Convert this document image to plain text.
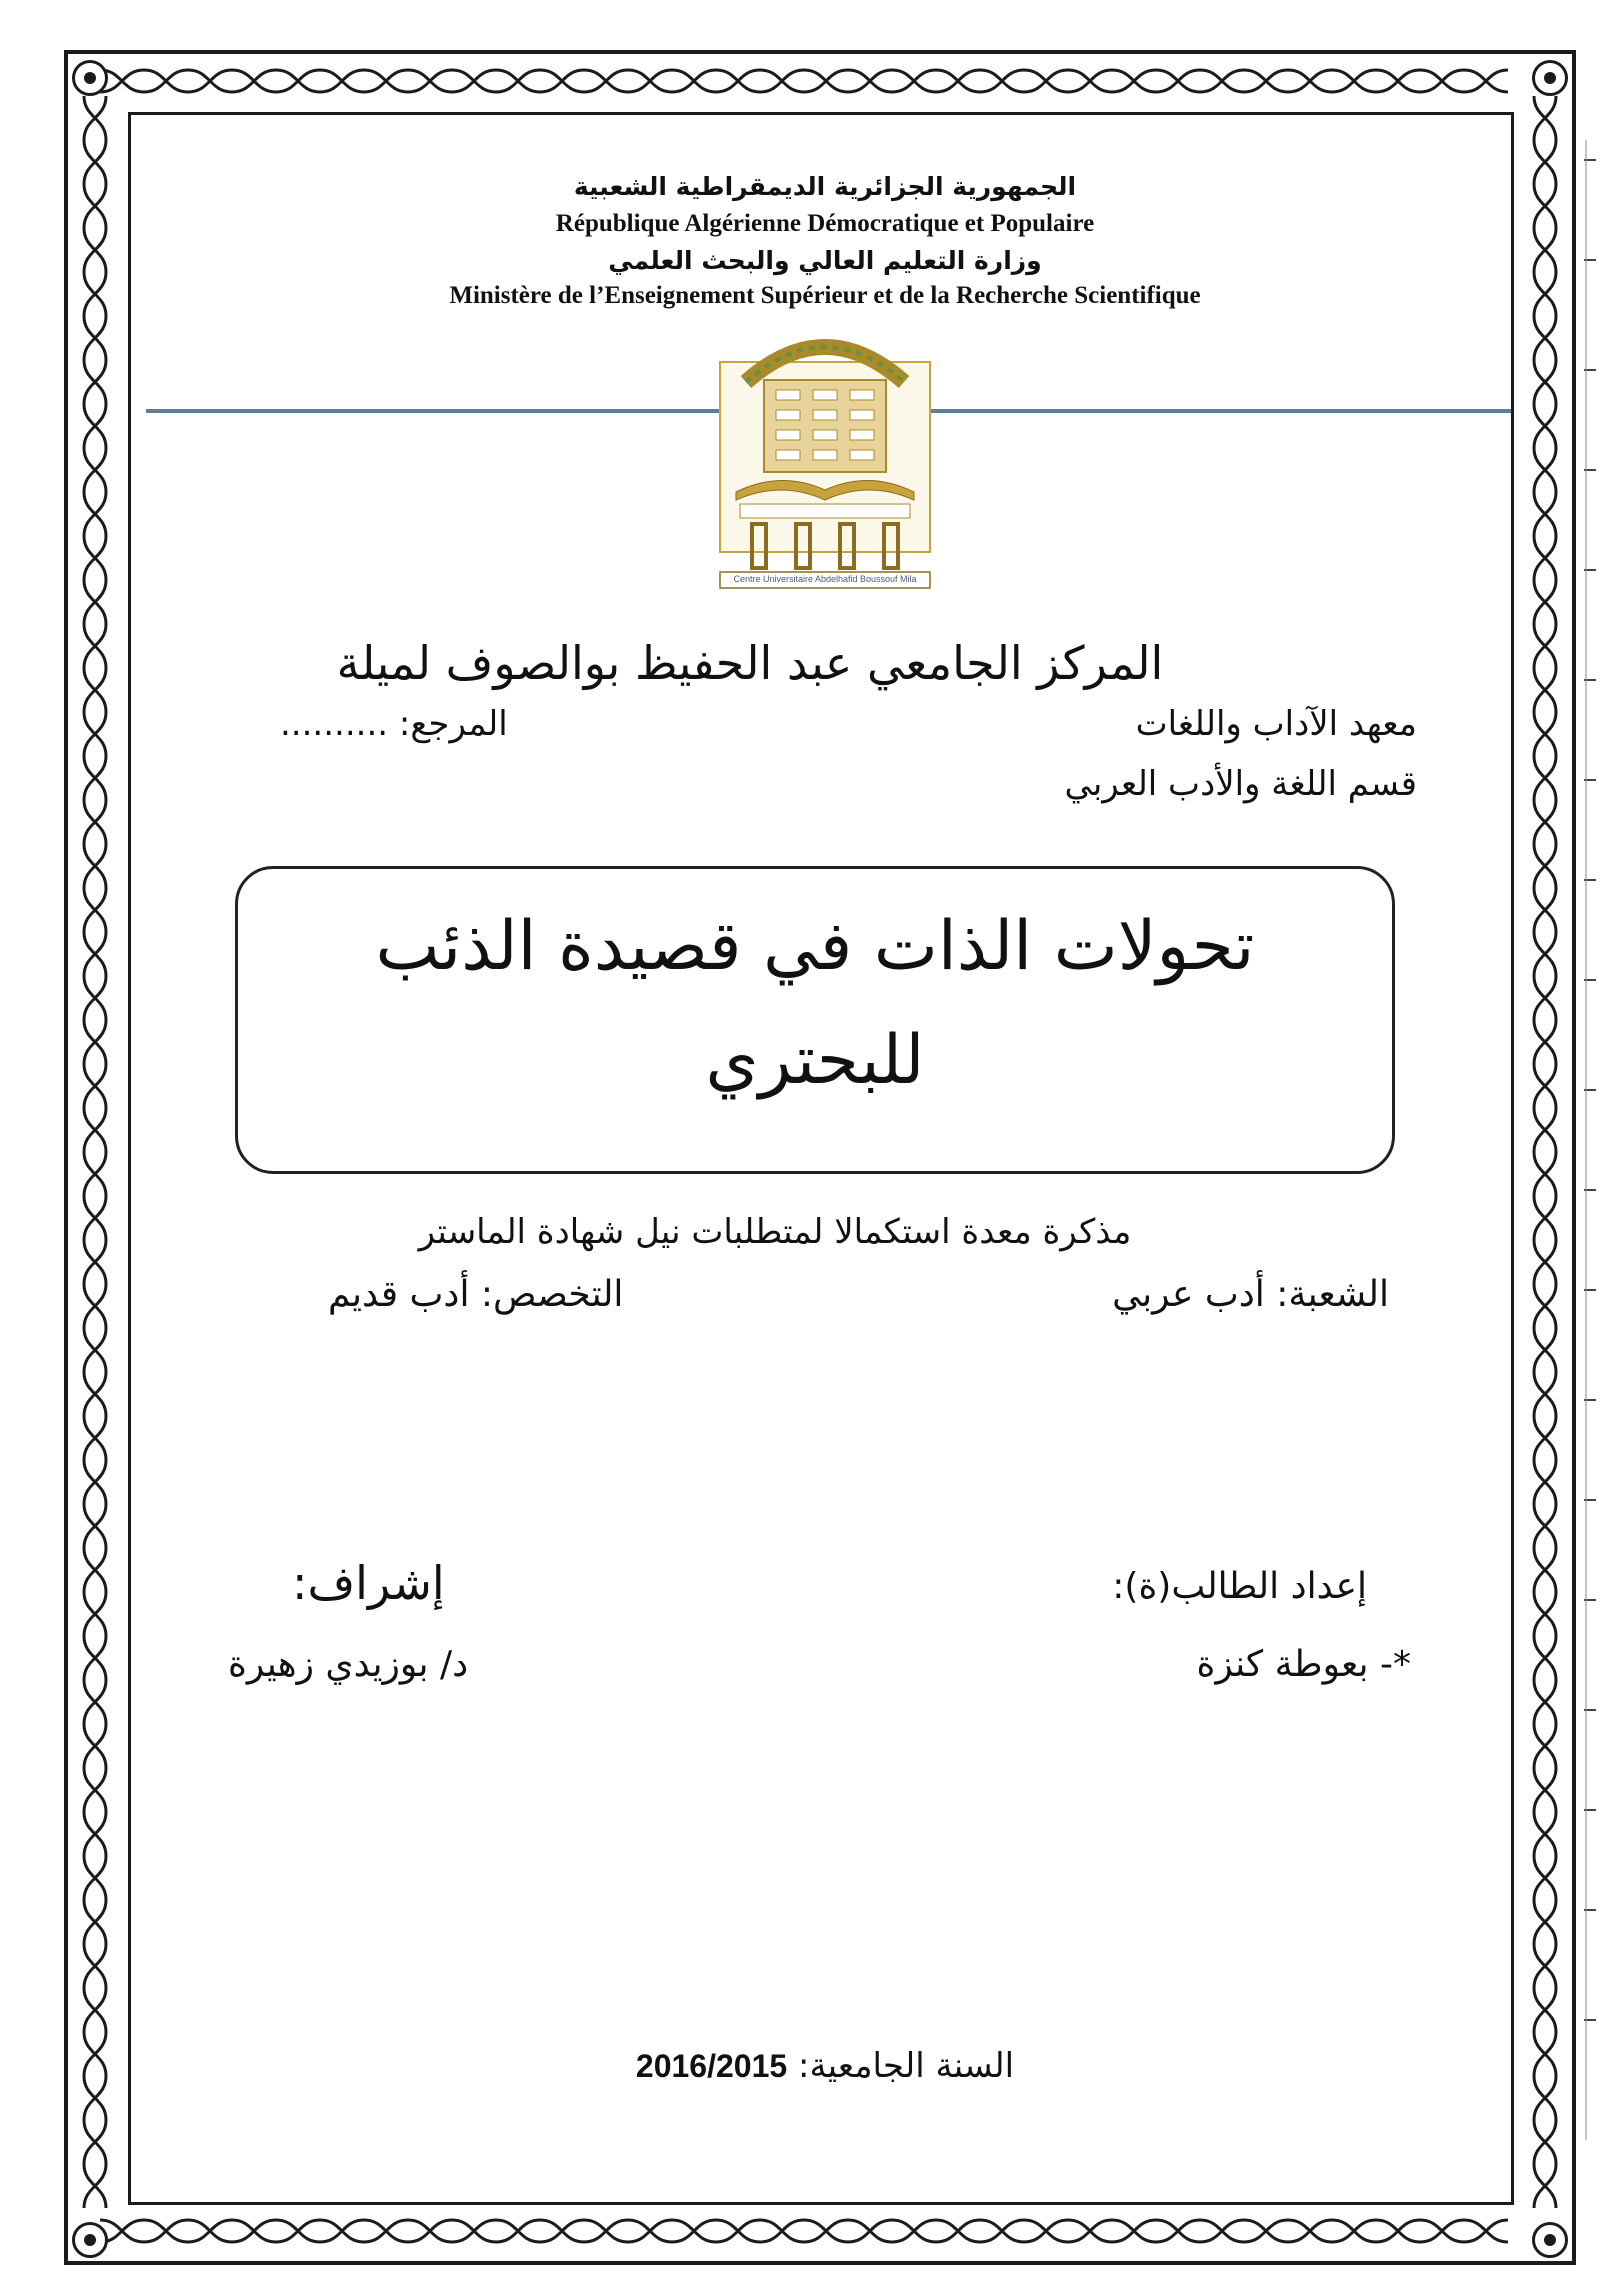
الجمهورية الجزائرية الديمقراطية الشعبية
République Algérienne Démocratique et Populaire
وزارة التعليم العالي والبحث العلمي
Ministère de l’Enseignement Supérieur et de la Recherche Scientifique
Centre Universitaire Abdelhafid Boussouf Mila
المركز الجامعي عبد الحفيظ بوالصوف لميلة
معهد الآداب واللغات
المرجع: ..........
قسم اللغة والأدب العربي
تحولات الذات في قصيدة الذئب
للبحتري
مذكرة معدة استكمالا لمتطلبات نيل شهادة الماستر
الشعبة: أدب عربي
التخصص: أدب قديم
إعداد الطالب(ة):
إشراف:
*- بعوطة كنزة
د/ بوزيدي زهيرة
السنة الجامعية: 2016/2015
